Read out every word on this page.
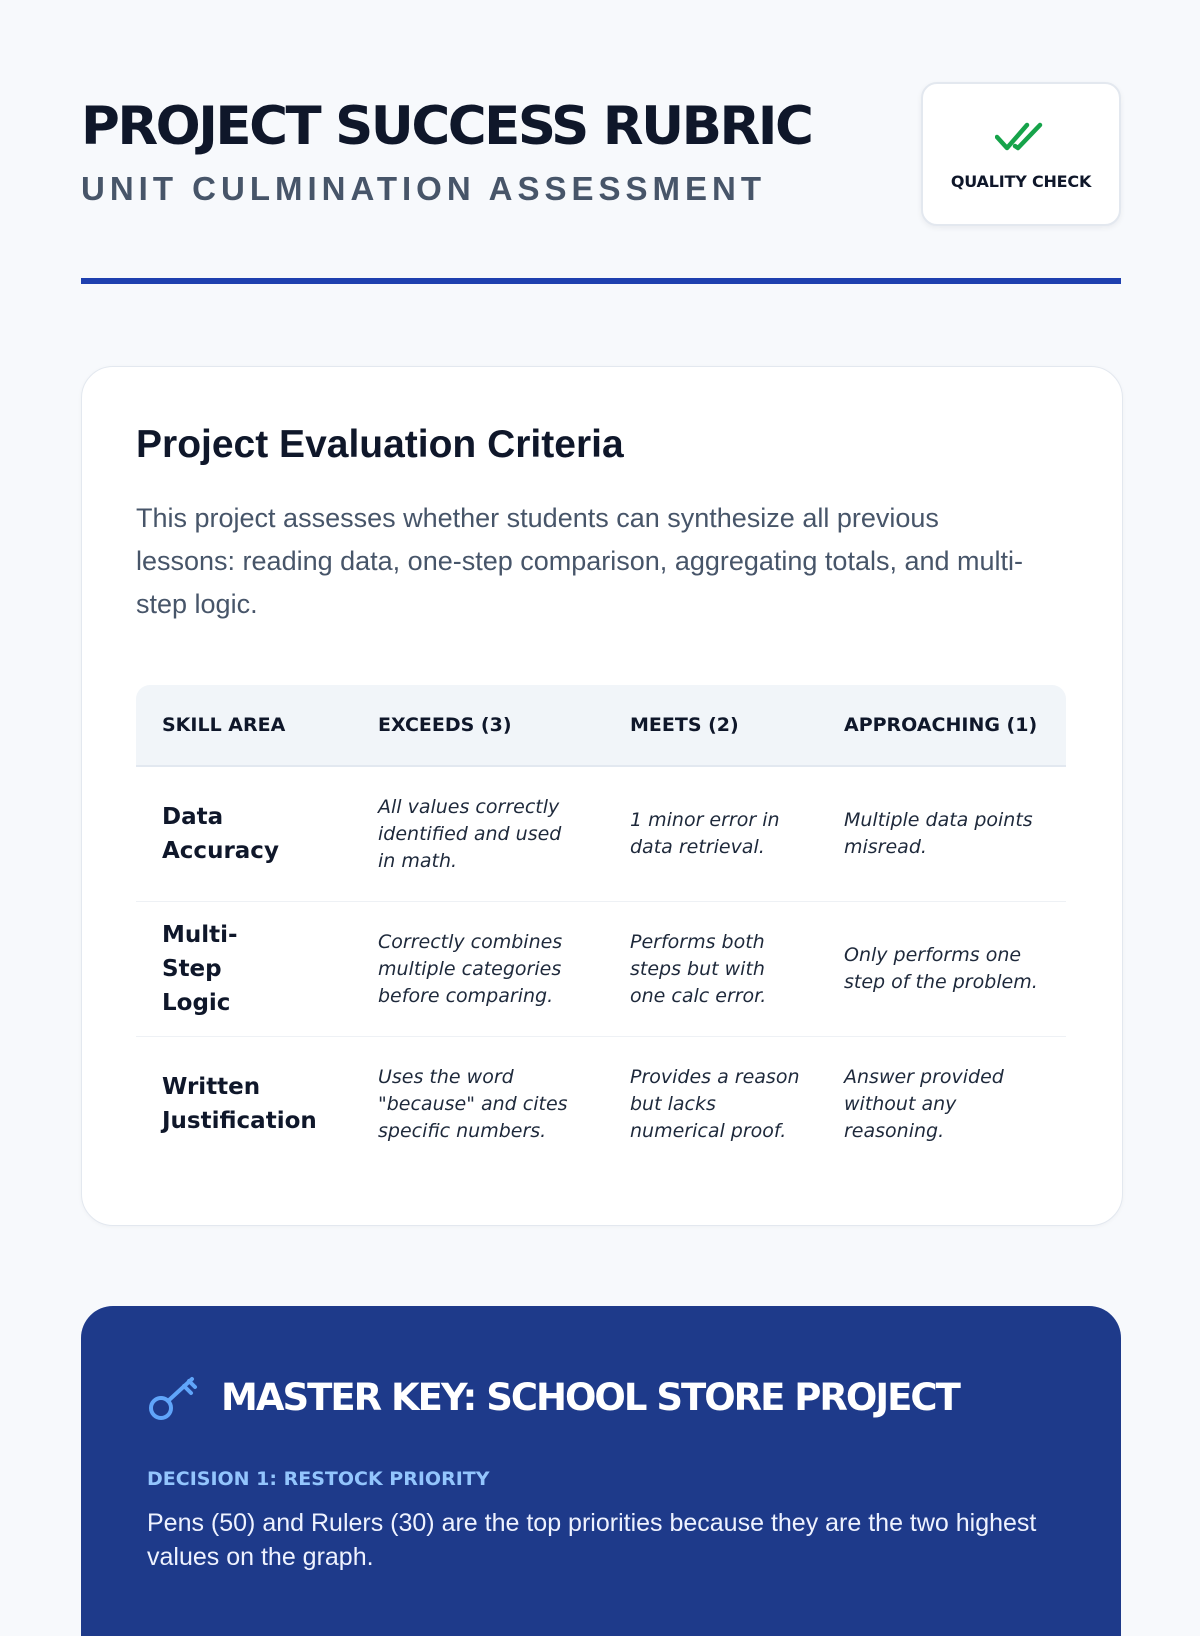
PROJECT SUCCESS RUBRIC
UNIT CULMINATION ASSESSMENT	QUALITY CHECK
Project Evaluation Criteria

This project assesses whether students can synthesize all previous lessons: reading data, one-step comparison, aggregating totals, and multi-step logic.

SKILL AREA	EXCEEDS (3)	MEETS (2)	APPROACHING (1)
Data Accuracy	All values correctly identified and used in math.	1 minor error in data retrieval.	Multiple data points misread.
Multi-Step Logic	Correctly combines multiple categories before comparing.	Performs both steps but with one calc error.	Only performs one step of the problem.
Written Justification	Uses the word "because" and cites specific numbers.	Provides a reason but lacks numerical proof.	Answer provided without any reasoning.
MASTER KEY: SCHOOL STORE PROJECT
DECISION 1: RESTOCK PRIORITY

Pens (50) and Rulers (30) are the top priorities because they are the two highest values on the graph.
